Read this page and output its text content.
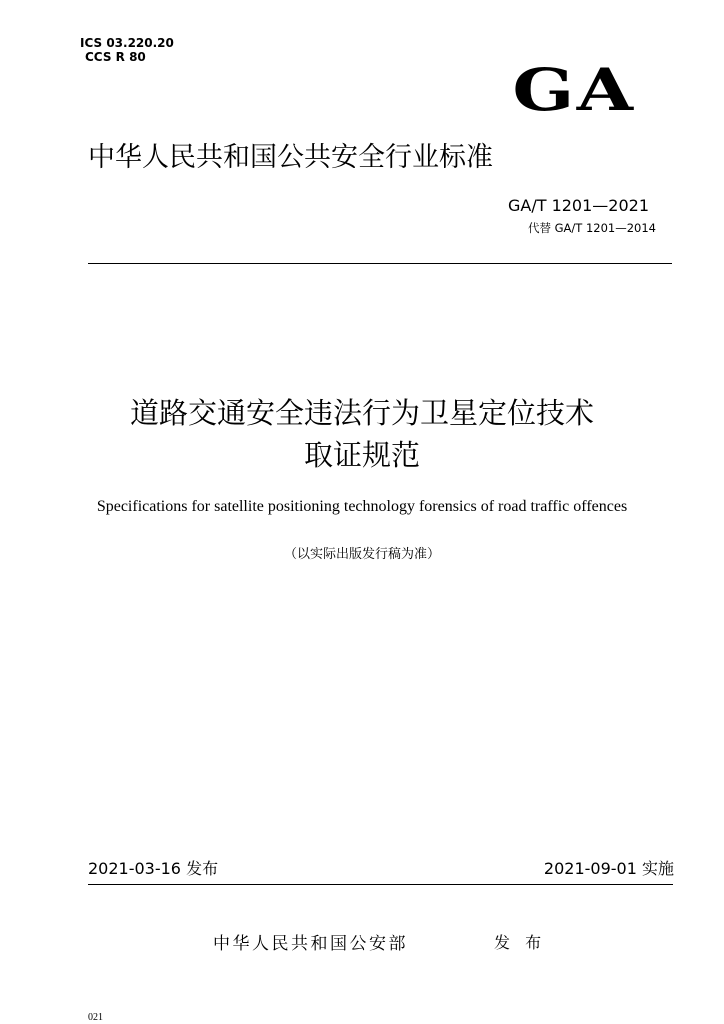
ICS 03.220.20
CCS R 80	GA
中华人民共和国公共安全行业标准
GA/T 1201—2021
代替 GA/T 1201—2014
道路交通安全违法行为卫星定位技术
取证规范
Specifications for satellite positioning technology forensics of road traffic offences
（以实际出版发行稿为准）
2021-03-16 发布	2021-09-01 实施
中华人民共和国公安部	发 布
021
